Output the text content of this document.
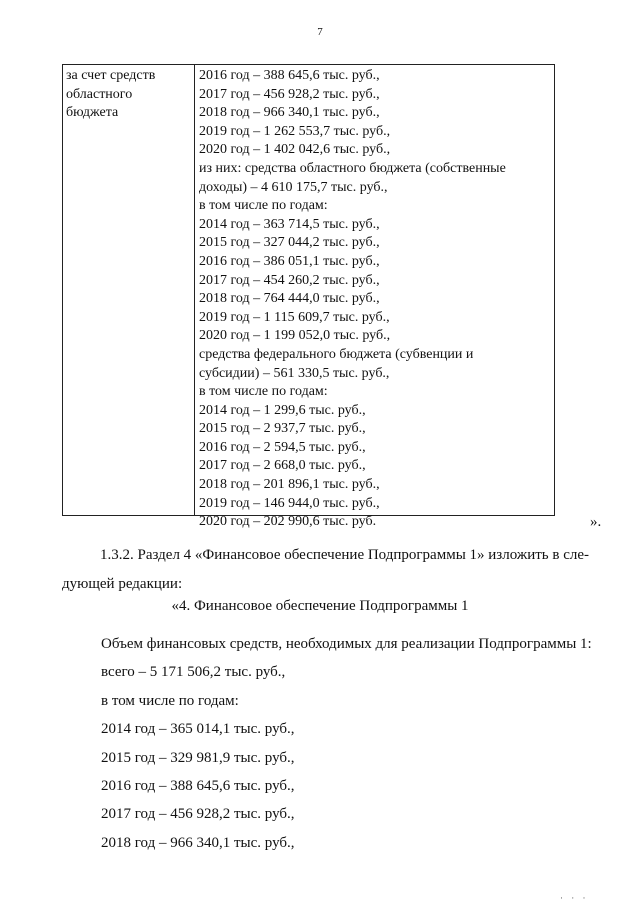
7
за счет средств
областного
бюджета
2016 год – 388 645,6 тыс. руб.,
2017 год – 456 928,2 тыс. руб.,
2018 год – 966 340,1 тыс. руб.,
2019 год – 1 262 553,7 тыс. руб.,
2020 год – 1 402 042,6 тыс. руб.,
из них: средства областного бюджета (собственные
доходы) – 4 610 175,7 тыс. руб.,
в том числе по годам:
2014 год – 363 714,5 тыс. руб.,
2015 год – 327 044,2 тыс. руб.,
2016 год – 386 051,1 тыс. руб.,
2017 год – 454 260,2 тыс. руб.,
2018 год – 764 444,0 тыс. руб.,
2019 год – 1 115 609,7 тыс. руб.,
2020 год – 1 199 052,0 тыс. руб.,
средства федерального бюджета (субвенции и
субсидии) – 561 330,5 тыс. руб.,
в том числе по годам:
2014 год – 1 299,6 тыс. руб.,
2015 год – 2 937,7 тыс. руб.,
2016 год – 2 594,5 тыс. руб.,
2017 год – 2 668,0 тыс. руб.,
2018 год – 201 896,1 тыс. руб.,
2019 год – 146 944,0 тыс. руб.,
2020 год – 202 990,6 тыс. руб.	».
1.3.2. Раздел 4 «Финансовое обеспечение Подпрограммы 1» изложить в сле-
дующей редакции:
«4. Финансовое обеспечение Подпрограммы 1
Объем финансовых средств, необходимых для реализации Подпрограммы 1:
всего – 5 171 506,2 тыс. руб.,
в том числе по годам:
2014 год – 365 014,1 тыс. руб.,
2015 год – 329 981,9 тыс. руб.,
2016 год – 388 645,6 тыс. руб.,
2017 год – 456 928,2 тыс. руб.,
2018 год – 966 340,1 тыс. руб.,
· · ·
